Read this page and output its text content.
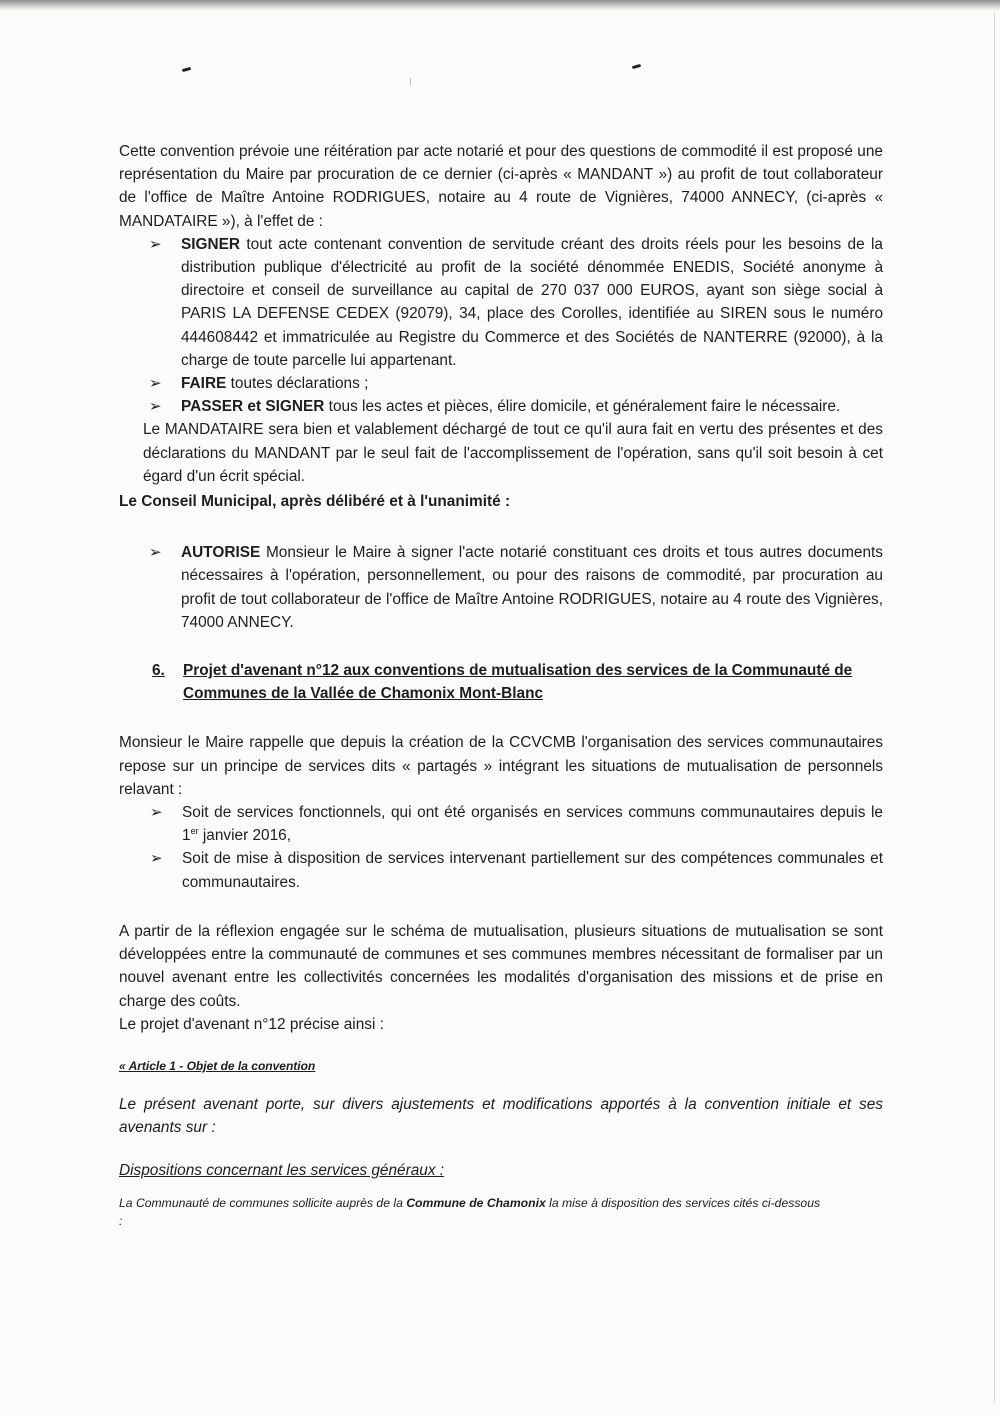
Cette convention prévoie une réitération par acte notarié et pour des questions de commodité il est proposé une représentation du Maire par procuration de ce dernier (ci-après « MANDANT ») au profit de tout collaborateur de l'office de Maître Antoine RODRIGUES, notaire au 4 route de Vignières, 74000 ANNECY, (ci-après « MANDATAIRE »), à l'effet de :

➢ SIGNER tout acte contenant convention de servitude créant des droits réels pour les besoins de la distribution publique d'électricité au profit de la société dénommée ENEDIS, Société anonyme à directoire et conseil de surveillance au capital de 270 037 000 EUROS, ayant son siège social à PARIS LA DEFENSE CEDEX (92079), 34, place des Corolles, identifiée au SIREN sous le numéro 444608442 et immatriculée au Registre du Commerce et des Sociétés de NANTERRE (92000), à la charge de toute parcelle lui appartenant.
➢ FAIRE toutes déclarations ;
➢ PASSER et SIGNER tous les actes et pièces, élire domicile, et généralement faire le nécessaire.

Le MANDATAIRE sera bien et valablement déchargé de tout ce qu'il aura fait en vertu des présentes et des déclarations du MANDANT par le seul fait de l'accomplissement de l'opération, sans qu'il soit besoin à cet égard d'un écrit spécial.

Le Conseil Municipal, après délibéré et à l'unanimité :

➢ AUTORISE Monsieur le Maire à signer l'acte notarié constituant ces droits et tous autres documents nécessaires à l'opération, personnellement, ou pour des raisons de commodité, par procuration au profit de tout collaborateur de l'office de Maître Antoine RODRIGUES, notaire au 4 route des Vignières, 74000 ANNECY.
6.	Projet d'avenant n°12 aux conventions de mutualisation des services de la Communauté de Communes de la Vallée de Chamonix Mont-Blanc

Monsieur le Maire rappelle que depuis la création de la CCVCMB l'organisation des services communautaires repose sur un principe de services dits « partagés » intégrant les situations de mutualisation de personnels relavant :

➢ Soit de services fonctionnels, qui ont été organisés en services communs communautaires depuis le 1er janvier 2016,
➢ Soit de mise à disposition de services intervenant partiellement sur des compétences communales et communautaires.

A partir de la réflexion engagée sur le schéma de mutualisation, plusieurs situations de mutualisation se sont développées entre la communauté de communes et ses communes membres nécessitant de formaliser par un nouvel avenant entre les collectivités concernées les modalités d'organisation des missions et de prise en charge des coûts.

Le projet d'avenant n°12 précise ainsi :

« Article 1 - Objet de la convention

Le présent avenant porte, sur divers ajustements et modifications apportés à la convention initiale et ses avenants sur :

Dispositions concernant les services généraux :

La Communauté de communes sollicite auprès de la Commune de Chamonix la mise à disposition des services cités ci-dessous
:
